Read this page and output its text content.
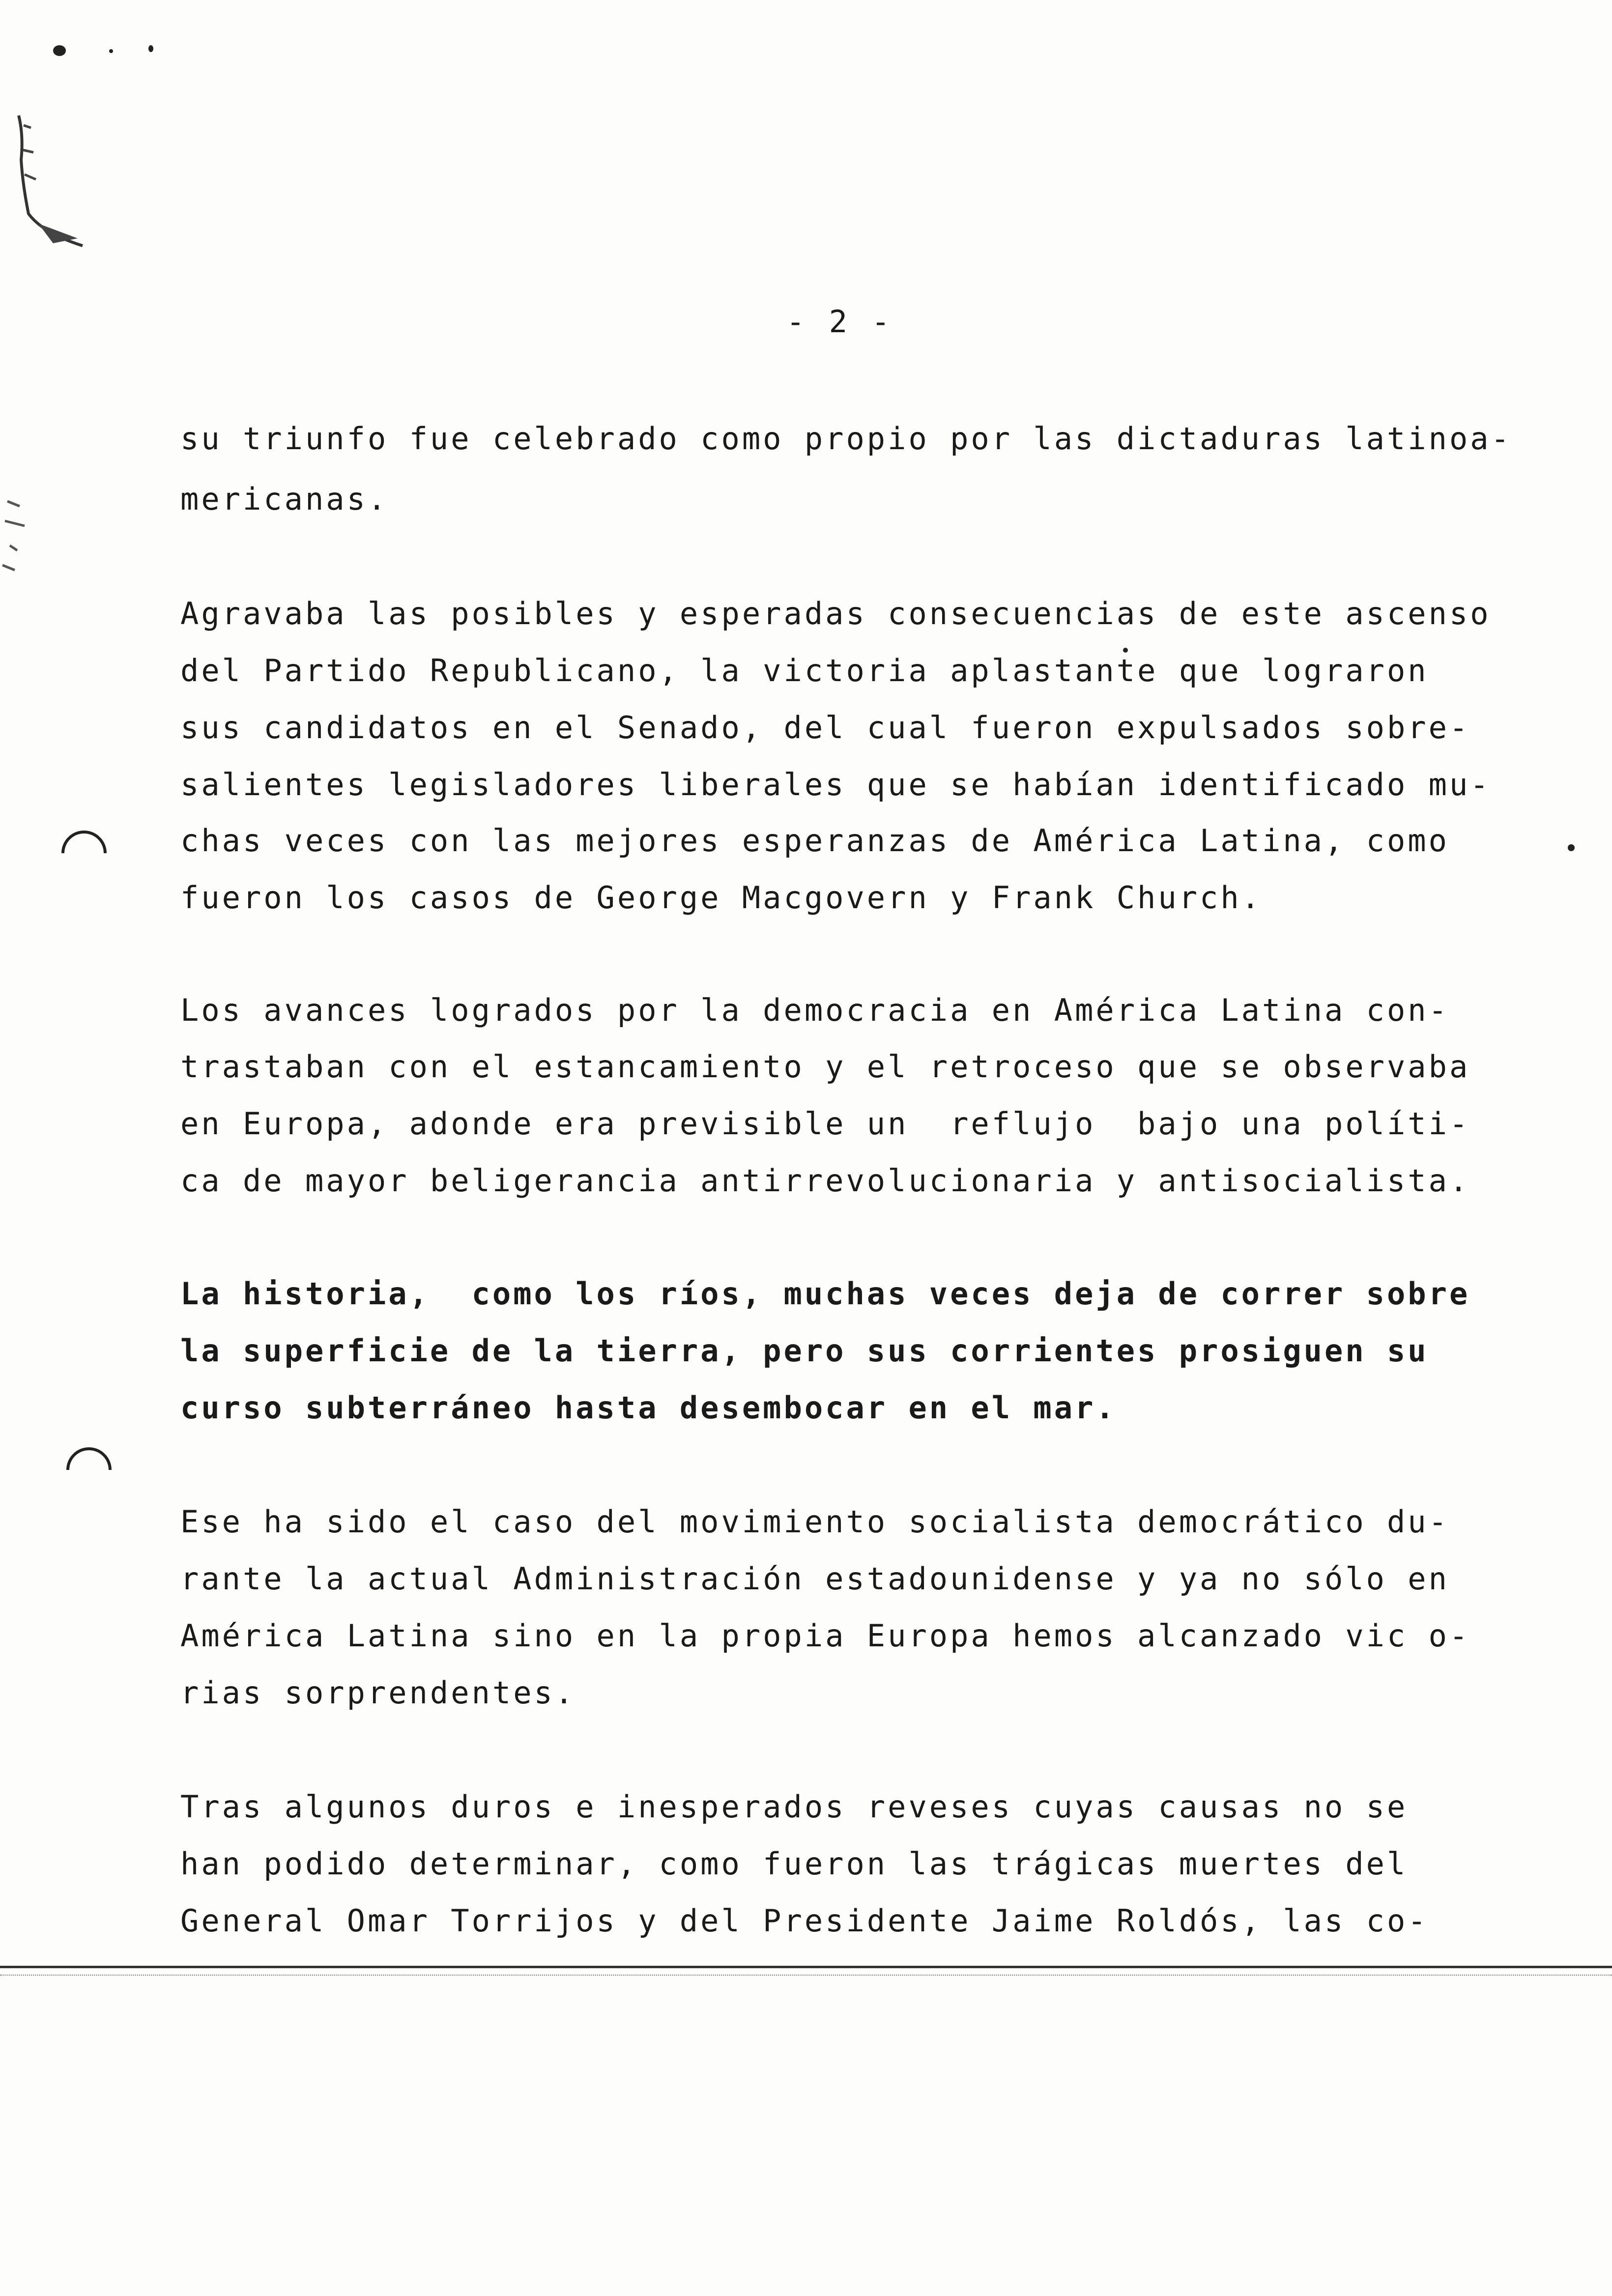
- 2 -
su triunfo fue celebrado como propio por las dictaduras latinoa-
mericanas.
Agravaba las posibles y esperadas consecuencias de este ascenso
del Partido Republicano, la victoria aplastante que lograron
sus candidatos en el Senado, del cual fueron expulsados sobre-
salientes legisladores liberales que se habían identificado mu-
chas veces con las mejores esperanzas de América Latina, como
fueron los casos de George Macgovern y Frank Church.
Los avances logrados por la democracia en América Latina con-
trastaban con el estancamiento y el retroceso que se observaba
en Europa, adonde era previsible un  reflujo  bajo una políti-
ca de mayor beligerancia antirrevolucionaria y antisocialista.
La historia,  como los ríos, muchas veces deja de correr sobre
la superficie de la tierra, pero sus corrientes prosiguen su
curso subterráneo hasta desembocar en el mar.
Ese ha sido el caso del movimiento socialista democrático du-
rante la actual Administración estadounidense y ya no sólo en
América Latina sino en la propia Europa hemos alcanzado vic o-
rias sorprendentes.
Tras algunos duros e inesperados reveses cuyas causas no se
han podido determinar, como fueron las trágicas muertes del
General Omar Torrijos y del Presidente Jaime Roldós, las co-
